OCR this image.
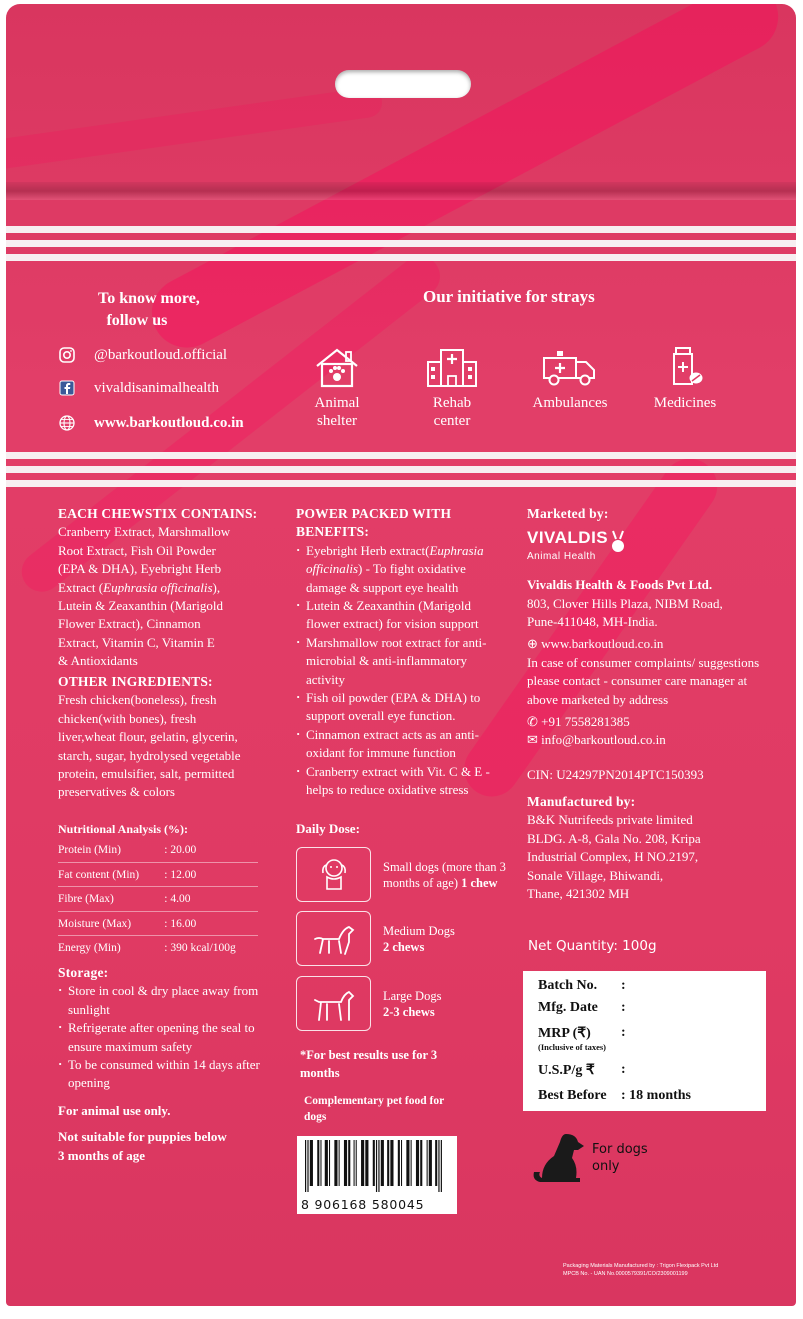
To know more,
follow us
@barkoutloud.official
vivaldisanimalhealth
www.barkoutloud.co.in
Our initiative for strays
Animal
shelter
Rehab
center
Ambulances	Medicines
EACH CHEWSTIX CONTAINS:
Cranberry Extract, Marshmallow
Root Extract, Fish Oil Powder
(EPA & DHA), Eyebright Herb
Extract (Euphrasia officinalis),
Lutein & Zeaxanthin (Marigold
Flower Extract), Cinnamon
Extract, Vitamin C, Vitamin E
& Antioxidants
OTHER INGREDIENTS:
Fresh chicken(boneless), fresh
chicken(with bones), fresh
liver,wheat flour, gelatin, glycerin,
starch, sugar, hydrolysed vegetable
protein, emulsifier, salt, permitted
preservatives & colors
Nutritional Analysis (%):
Protein (Min)	: 20.00
Fat content (Min)	: 12.00
Fibre (Max)	: 4.00
Moisture (Max)	: 16.00
Energy (Min)	: 390 kcal/100g
Storage:
· Store in cool & dry place away from sunlight
· Refrigerate after opening the seal to ensure maximum safety
· To be consumed within 14 days after opening
For animal use only.
Not suitable for puppies below 3 months of age
POWER PACKED WITH
BENEFITS:
· Eyebright Herb extract(Euphrasia officinalis) - To fight oxidative damage & support eye health
· Lutein & Zeaxanthin (Marigold flower extract) for vision support
· Marshmallow root extract for anti-microbial & anti-inflammatory activity
· Fish oil powder (EPA & DHA) to support overall eye function.
· Cinnamon extract acts as an anti-oxidant for immune function
· Cranberry extract with Vit. C & E - helps to reduce oxidative stress
Daily Dose:
Small dogs (more than 3 months of age) 1 chew
Medium Dogs
2 chews
Large Dogs
2-3 chews
*For best results use for 3 months
Complementary pet food for dogs
8 906168 580045
Marketed by:
VIVALDIS
Animal Health
Vivaldis Health & Foods Pvt Ltd.
803, Clover Hills Plaza, NIBM Road,
Pune-411048, MH-India.
⊕ www.barkoutloud.co.in
In case of consumer complaints/ suggestions please contact - consumer care manager at above marketed by address
✆ +91 7558281385
✉ info@barkoutloud.co.in
CIN: U24297PN2014PTC150393
Manufactured by:
B&K Nutrifeeds private limited
BLDG. A-8, Gala No. 208, Kripa
Industrial Complex, H NO.2197,
Sonale Village, Bhiwandi,
Thane, 421302 MH
Net Quantity: 100g
Batch No. :
Mfg. Date :
MRP (₹)
(Inclusive of taxes)
:
U.S.P/g ₹ :
Best Before : 18 months
For dogs
only
Packaging Materials Manufactured by : Trigon Flexipack Pvt Ltd
MPCB No. - UAN No.0000579391/CO/2309001199
